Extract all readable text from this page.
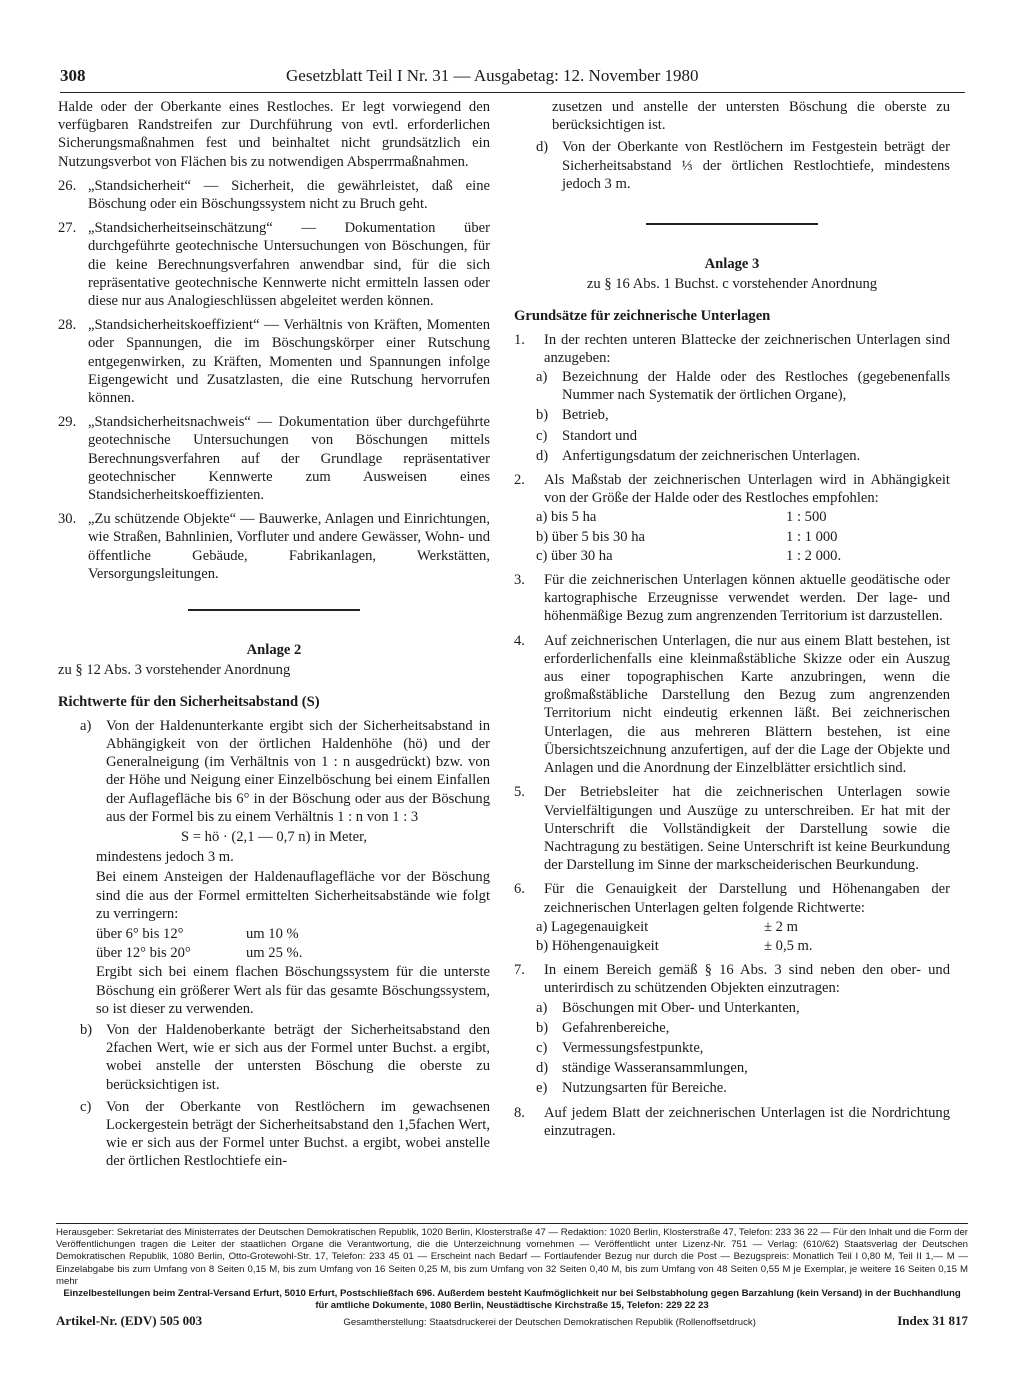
308	Gesetzblatt Teil I Nr. 31 — Ausgabetag: 12. November 1980

Halde oder der Oberkante eines Restloches. Er legt vorwiegend den verfügbaren Randstreifen zur Durchführung von evtl. erforderlichen Sicherungsmaßnahmen fest und beinhaltet nicht grundsätzlich ein Nutzungsverbot von Flächen bis zu notwendigen Absperrmaßnahmen.

26. „Standsicherheit“ — Sicherheit, die gewährleistet, daß eine Böschung oder ein Böschungssystem nicht zu Bruch geht.
27. „Standsicherheitseinschätzung“ — Dokumentation über durchgeführte geotechnische Untersuchungen von Böschungen, für die keine Berechnungsverfahren anwendbar sind, für die sich repräsentative geotechnische Kennwerte nicht ermitteln lassen oder diese nur aus Analogieschlüssen abgeleitet werden können.
28. „Standsicherheitskoeffizient“ — Verhältnis von Kräften, Momenten oder Spannungen, die im Böschungskörper einer Rutschung entgegenwirken, zu Kräften, Momenten und Spannungen infolge Eigengewicht und Zusatzlasten, die eine Rutschung hervorrufen können.
29. „Standsicherheitsnachweis“ — Dokumentation über durchgeführte geotechnische Untersuchungen von Böschungen mittels Berechnungsverfahren auf der Grundlage repräsentativer geotechnischer Kennwerte zum Ausweisen eines Standsicherheitskoeffizienten.
30. „Zu schützende Objekte“ — Bauwerke, Anlagen und Einrichtungen, wie Straßen, Bahnlinien, Vorfluter und andere Gewässer, Wohn- und öffentliche Gebäude, Fabrikanlagen, Werkstätten, Versorgungsleitungen.
Anlage 2
zu § 12 Abs. 3 vorstehender Anordnung
Richtwerte für den Sicherheitsabstand (S)
a)	Von der Haldenunterkante ergibt sich der Sicherheitsabstand in Abhängigkeit von der örtlichen Haldenhöhe (hö) und der Generalneigung (im Verhältnis von 1 : n ausgedrückt) bzw. von der Höhe und Neigung einer Einzelböschung bei einem Einfallen der Auflagefläche bis 6° in der Böschung oder aus der Böschung aus der Formel bis zu einem Verhältnis 1 : n von 1 : 3
S = hö · (2,1 — 0,7 n) in Meter,
mindestens jedoch 3 m.
Bei einem Ansteigen der Haldenauflagefläche vor der Böschung sind die aus der Formel ermittelten Sicherheitsabstände wie folgt zu verringern:
über 6° bis 12°	um 10 %
über 12° bis 20°	um 25 %.
Ergibt sich bei einem flachen Böschungssystem für die unterste Böschung ein größerer Wert als für das gesamte Böschungssystem, so ist dieser zu verwenden.
b) Von der Haldenoberkante beträgt der Sicherheitsabstand den 2fachen Wert, wie er sich aus der Formel unter Buchst. a ergibt, wobei anstelle der untersten Böschung die oberste zu berücksichtigen ist.
c)	Von der Oberkante von Restlöchern im gewachsenen Lockergestein beträgt der Sicherheitsabstand den 1,5fachen Wert, wie er sich aus der Formel unter Buchst. a ergibt, wobei anstelle der örtlichen Restlochtiefe ein-

zusetzen und anstelle der untersten Böschung die oberste zu berücksichtigen ist.

d) Von der Oberkante von Restlöchern im Festgestein beträgt der Sicherheitsabstand ⅓ der örtlichen Restlochtiefe, mindestens jedoch 3 m.
Anlage 3
zu § 16 Abs. 1 Buchst. c vorstehender Anordnung
Grundsätze für zeichnerische Unterlagen
1.	In der rechten unteren Blattecke der zeichnerischen Unterlagen sind anzugeben:
a)	Bezeichnung der Halde oder des Restloches (gegebenenfalls Nummer nach Systematik der örtlichen Organe),
b) Betrieb,
c)	Standort und
d) Anfertigungsdatum der zeichnerischen Unterlagen.
2.	Als Maßstab der zeichnerischen Unterlagen wird in Abhängigkeit von der Größe der Halde oder des Restloches empfohlen:
a) bis 5 ha	1 : 500
b) über 5 bis 30 ha	1 : 1 000
c) über 30 ha	1 : 2 000.
3.	Für die zeichnerischen Unterlagen können aktuelle geodätische oder kartographische Erzeugnisse verwendet werden. Der lage- und höhenmäßige Bezug zum angrenzenden Territorium ist darzustellen.
4.	Auf zeichnerischen Unterlagen, die nur aus einem Blatt bestehen, ist erforderlichenfalls eine kleinmaßstäbliche Skizze oder ein Auszug aus einer topographischen Karte anzubringen, wenn die großmaßstäbliche Darstellung den Bezug zum angrenzenden Territorium nicht eindeutig erkennen läßt. Bei zeichnerischen Unterlagen, die aus mehreren Blättern bestehen, ist eine Übersichtszeichnung anzufertigen, auf der die Lage der Objekte und Anlagen und die Anordnung der Einzelblätter ersichtlich sind.
5.	Der Betriebsleiter hat die zeichnerischen Unterlagen sowie Vervielfältigungen und Auszüge zu unterschreiben. Er hat mit der Unterschrift die Vollständigkeit der Darstellung sowie die Nachtragung zu bestätigen. Seine Unterschrift ist keine Beurkundung der Darstellung im Sinne der markscheiderischen Beurkundung.
6.	Für die Genauigkeit der Darstellung und Höhenangaben der zeichnerischen Unterlagen gelten folgende Richtwerte:
a) Lagegenauigkeit	± 2 m
b) Höhengenauigkeit	± 0,5 m.
7.	In einem Bereich gemäß § 16 Abs. 3 sind neben den ober- und unterirdisch zu schützenden Objekten einzutragen:
a)	Böschungen mit Ober- und Unterkanten,
b) Gefahrenbereiche,
c)	Vermessungsfestpunkte,
d) ständige Wasseransammlungen,
e)	Nutzungsarten für Bereiche.
8.	Auf jedem Blatt der zeichnerischen Unterlagen ist die Nordrichtung einzutragen.

Herausgeber: Sekretariat des Ministerrates der Deutschen Demokratischen Republik, 1020 Berlin, Klosterstraße 47 — Redaktion: 1020 Berlin, Klosterstraße 47, Telefon: 233 36 22 — Für den Inhalt und die Form der Veröffentlichungen tragen die Leiter der staatlichen Organe die Verantwortung, die die Unterzeichnung vornehmen — Veröffentlicht unter Lizenz-Nr. 751 — Verlag: (610/62) Staatsverlag der Deutschen Demokratischen Republik, 1080 Berlin, Otto-Grotewohl-Str. 17, Telefon: 233 45 01 — Erscheint nach Bedarf — Fortlaufender Bezug nur durch die Post — Bezugspreis: Monatlich Teil I 0,80 M, Teil II 1,— M — Einzelabgabe bis zum Umfang von 8 Seiten 0,15 M, bis zum Umfang von 16 Seiten 0,25 M, bis zum Umfang von 32 Seiten 0,40 M, bis zum Umfang von 48 Seiten 0,55 M je Exemplar, je weitere 16 Seiten 0,15 M mehr

Einzelbestellungen beim Zentral-Versand Erfurt, 5010 Erfurt, Postschließfach 696. Außerdem besteht Kaufmöglichkeit nur bei Selbstabholung gegen Barzahlung (kein Versand) in der Buchhandlung für amtliche Dokumente, 1080 Berlin, Neustädtische Kirchstraße 15, Telefon: 229 22 23

Artikel-Nr. (EDV) 505 003	Gesamtherstellung: Staatsdruckerei der Deutschen Demokratischen Republik (Rollenoffsetdruck)	Index 31 817
